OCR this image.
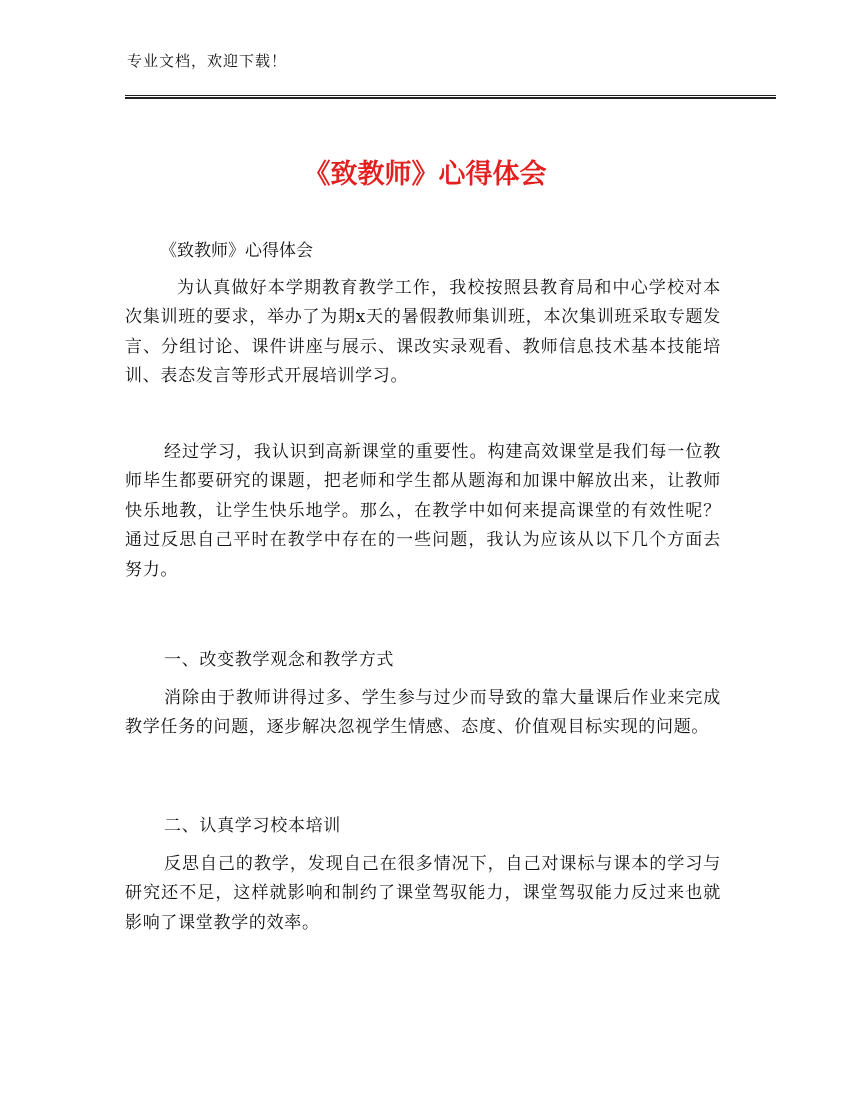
专业文档，欢迎下载！
《致教师》心得体会
《致教师》心得体会
为认真做好本学期教育教学工作，我校按照县教育局和中心学校对本次集训班的要求，举办了为期x天的暑假教师集训班，本次集训班采取专题发言、分组讨论、课件讲座与展示、课改实录观看、教师信息技术基本技能培训、表态发言等形式开展培训学习。
经过学习，我认识到高新课堂的重要性。构建高效课堂是我们每一位教师毕生都要研究的课题，把老师和学生都从题海和加课中解放出来，让教师快乐地教，让学生快乐地学。那么，在教学中如何来提高课堂的有效性呢？通过反思自己平时在教学中存在的一些问题，我认为应该从以下几个方面去努力。
一、改变教学观念和教学方式
消除由于教师讲得过多、学生参与过少而导致的靠大量课后作业来完成教学任务的问题，逐步解决忽视学生情感、态度、价值观目标实现的问题。
二、认真学习校本培训
反思自己的教学，发现自己在很多情况下，自己对课标与课本的学习与研究还不足，这样就影响和制约了课堂驾驭能力，课堂驾驭能力反过来也就影响了课堂教学的效率。
